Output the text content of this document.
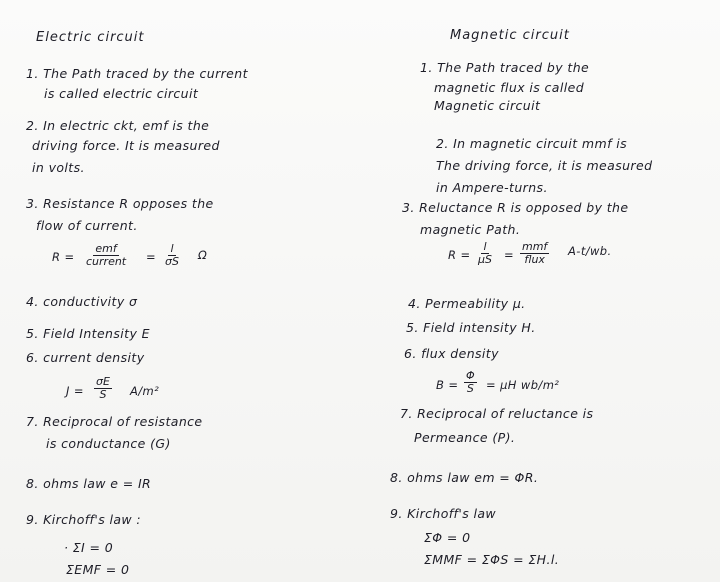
Electric circuit
1. The Path traced by the current
is called electric circuit
2. In electric ckt, emf is the
driving force. It is measured
in volts.
3. Resistance R opposes the
flow of current.
R =
emf
current = $\frac{l}{\sigma S}$ Ω
4. conductivity σ
5. Field Intensity E
6. current density
$J = \frac{\sigma E}{S} A/m^2$
7. Reciprocal of resistance
is conductance (G)
8. ohms law e = IR
9. Kirchoff's law :
· ΣI = 0
ΣEMF = 0
Magnetic circuit
1. The Path traced by the
magnetic flux is called
Magnetic circuit
2. In magnetic circuit mmf is
The driving force, it is measured
in Ampere-turns.
3. Reluctance R is opposed by the
magnetic Path.
$R = \frac{l}{\mu S}$ =
mmf
flux
A-t/wb.
4. Permeability μ.
5. Field intensity H.
6. flux density
$B = \frac{\Phi}{S} = \mu H$ wb/m²
7. Reciprocal of reluctance is
Permeance (P).
8. ohms law em = ΦR.
9. Kirchoff's law
ΣΦ = 0
ΣMMF = ΣΦS = ΣH.l.
